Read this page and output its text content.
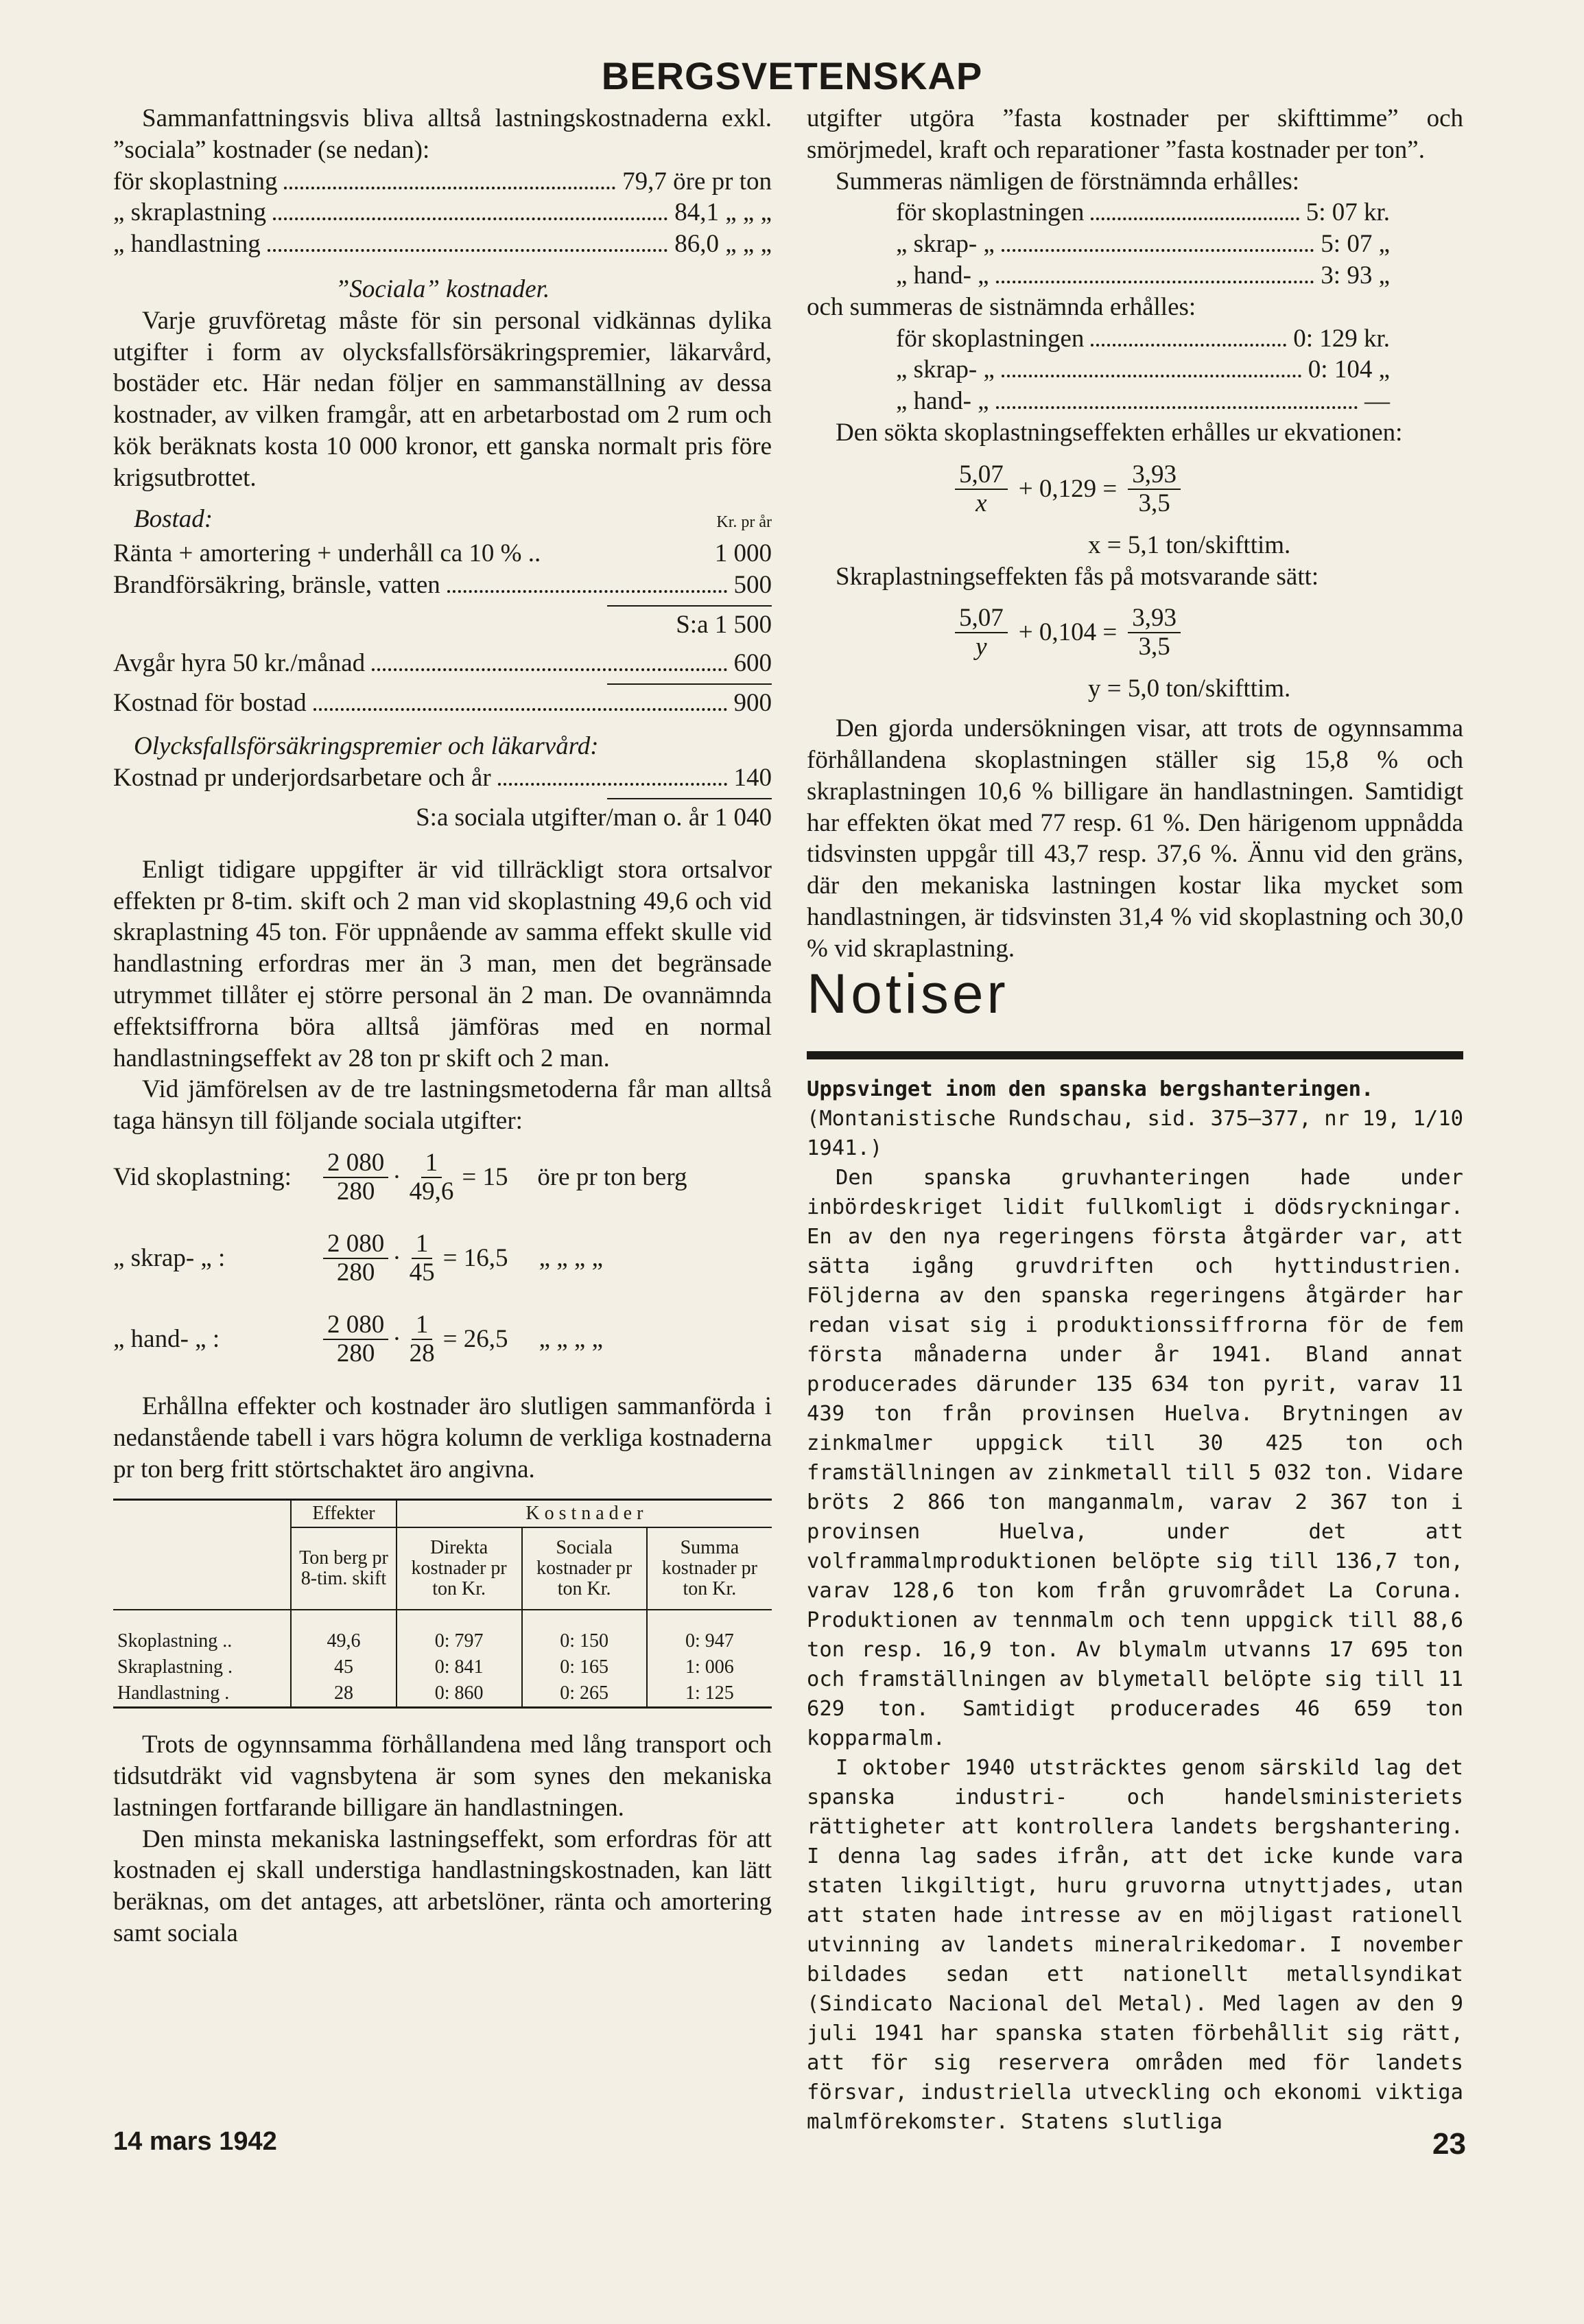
BERGSVETENSKAP

Sammanfattningsvis bliva alltså lastningskostnaderna exkl. ”sociala” kostnader (se nedan):

för skoplastning	79,7 öre pr ton
„ skraplastning	84,1 „ „ „
„ handlastning	86,0 „ „ „

”Sociala” kostnader.

Varje gruvföretag måste för sin personal vidkännas dylika utgifter i form av olycksfallsförsäkringspremier, läkarvård, bostäder etc. Här nedan följer en sammanställning av dessa kostnader, av vilken framgår, att en arbetarbostad om 2 rum och kök beräknats kosta 10 000 kronor, ett ganska normalt pris före krigsutbrottet.

Bostad:	Kr. pr år
Ränta + amortering + underhåll ca 10 % ..	1 000
Brandförsäkring, bränsle, vatten	500

S:a 1 500

Avgår hyra 50 kr./månad	600
Kostnad för bostad	900

Olycksfallsförsäkringspremier och läkarvård:

Kostnad pr underjordsarbetare och år	140

S:a sociala utgifter/man o. år 1 040

Enligt tidigare uppgifter är vid tillräckligt stora ortsalvor effekten pr 8-tim. skift och 2 man vid skoplastning 49,6 och vid skraplastning 45 ton. För uppnående av samma effekt skulle vid handlastning erfordras mer än 3 man, men det begränsade utrymmet tillåter ej större personal än 2 man. De ovannämnda effektsiffrorna böra alltså jämföras med en normal handlastningseffekt av 28 ton pr skift och 2 man.

Vid jämförelsen av de tre lastningsmetoderna får man alltså taga hänsyn till följande sociala utgifter:

Vid skoplastning:	$\frac{2 080}{280} \cdot \frac{1}{49,6} = 15$	öre pr ton berg
„ skrap- „ :	$\frac{2 080}{280} \cdot \frac{1}{45} = 16,5$	„ „ „ „
„ hand- „ :	$\frac{2 080}{280} \cdot \frac{1}{28} = 26,5$	„ „ „ „

Erhållna effekter och kostnader äro slutligen sammanförda i nedanstående tabell i vars högra kolumn de verkliga kostnaderna pr ton berg fritt störtschaktet äro angivna.

	Effekter	K o s t n a d e r		
	Ton berg pr 8-tim. skift	Direkta kostnader pr ton Kr.	Sociala kostnader pr ton Kr.	Summa kostnader pr ton Kr.
Skoplastning ..	49,6	0: 797	0: 150	0: 947
Skraplastning .	45	0: 841	0: 165	1: 006
Handlastning .	28	0: 860	0: 265	1: 125

Trots de ogynnsamma förhållandena med lång transport och tidsutdräkt vid vagnsbytena är som synes den mekaniska lastningen fortfarande billigare än handlastningen.

Den minsta mekaniska lastningseffekt, som erfordras för att kostnaden ej skall understiga handlastningskostnaden, kan lätt beräknas, om det antages, att arbetslöner, ränta och amortering samt sociala

utgifter utgöra ”fasta kostnader per skifttimme” och smörjmedel, kraft och reparationer ”fasta kostnader per ton”.

Summeras nämligen de förstnämnda erhålles:

för skoplastningen	5: 07 kr.
„ skrap- „	5: 07 „
„ hand- „	3: 93 „

och summeras de sistnämnda erhålles:

för skoplastningen	0: 129 kr.
„ skrap- „	0: 104 „
„ hand- „	—

Den sökta skoplastningseffekten erhålles ur ekvationen:

$\frac{5,07}{x} + 0,129 = \frac{3,93}{3,5}$

x = 5,1 ton/skifttim.

Skraplastningseffekten fås på motsvarande sätt:

$\frac{5,07}{y} + 0,104 = \frac{3,93}{3,5}$

y = 5,0 ton/skifttim.

Den gjorda undersökningen visar, att trots de ogynnsamma förhållandena skoplastningen ställer sig 15,8 % och skraplastningen 10,6 % billigare än handlastningen. Samtidigt har effekten ökat med 77 resp. 61 %. Den härigenom uppnådda tidsvinsten uppgår till 43,7 resp. 37,6 %. Ännu vid den gräns, där den mekaniska lastningen kostar lika mycket som handlastningen, är tidsvinsten 31,4 % vid skoplastning och 30,0 % vid skraplastning.

Notiser

Uppsvinget inom den spanska bergshanteringen.

(Montanistische Rundschau, sid. 375—377, nr 19, 1/10 1941.)

Den spanska gruvhanteringen hade under inbördeskriget lidit fullkomligt i dödsryckningar. En av den nya regeringens första åtgärder var, att sätta igång gruvdriften och hyttindustrien. Följderna av den spanska regeringens åtgärder har redan visat sig i produktionssiffrorna för de fem första månaderna under år 1941. Bland annat producerades därunder 135 634 ton pyrit, varav 11 439 ton från provinsen Huelva. Brytningen av zinkmalmer uppgick till 30 425 ton och framställningen av zinkmetall till 5 032 ton. Vidare bröts 2 866 ton manganmalm, varav 2 367 ton i provinsen Huelva, under det att volframmalmproduktionen belöpte sig till 136,7 ton, varav 128,6 ton kom från gruvområdet La Coruna. Produktionen av tennmalm och tenn uppgick till 88,6 ton resp. 16,9 ton. Av blymalm utvanns 17 695 ton och framställningen av blymetall belöpte sig till 11 629 ton. Samtidigt producerades 46 659 ton kopparmalm.

I oktober 1940 utsträcktes genom särskild lag det spanska industri- och handelsministeriets rättigheter att kontrollera landets bergshantering. I denna lag sades ifrån, att det icke kunde vara staten likgiltigt, huru gruvorna utnyttjades, utan att staten hade intresse av en möjligast rationell utvinning av landets mineralrikedomar. I november bildades sedan ett nationellt metallsyndikat (Sindicato Nacional del Metal). Med lagen av den 9 juli 1941 har spanska staten förbehållit sig rätt, att för sig reservera områden med för landets försvar, industriella utveckling och ekonomi viktiga malmförekomster. Statens slutliga

14 mars 1942	23
